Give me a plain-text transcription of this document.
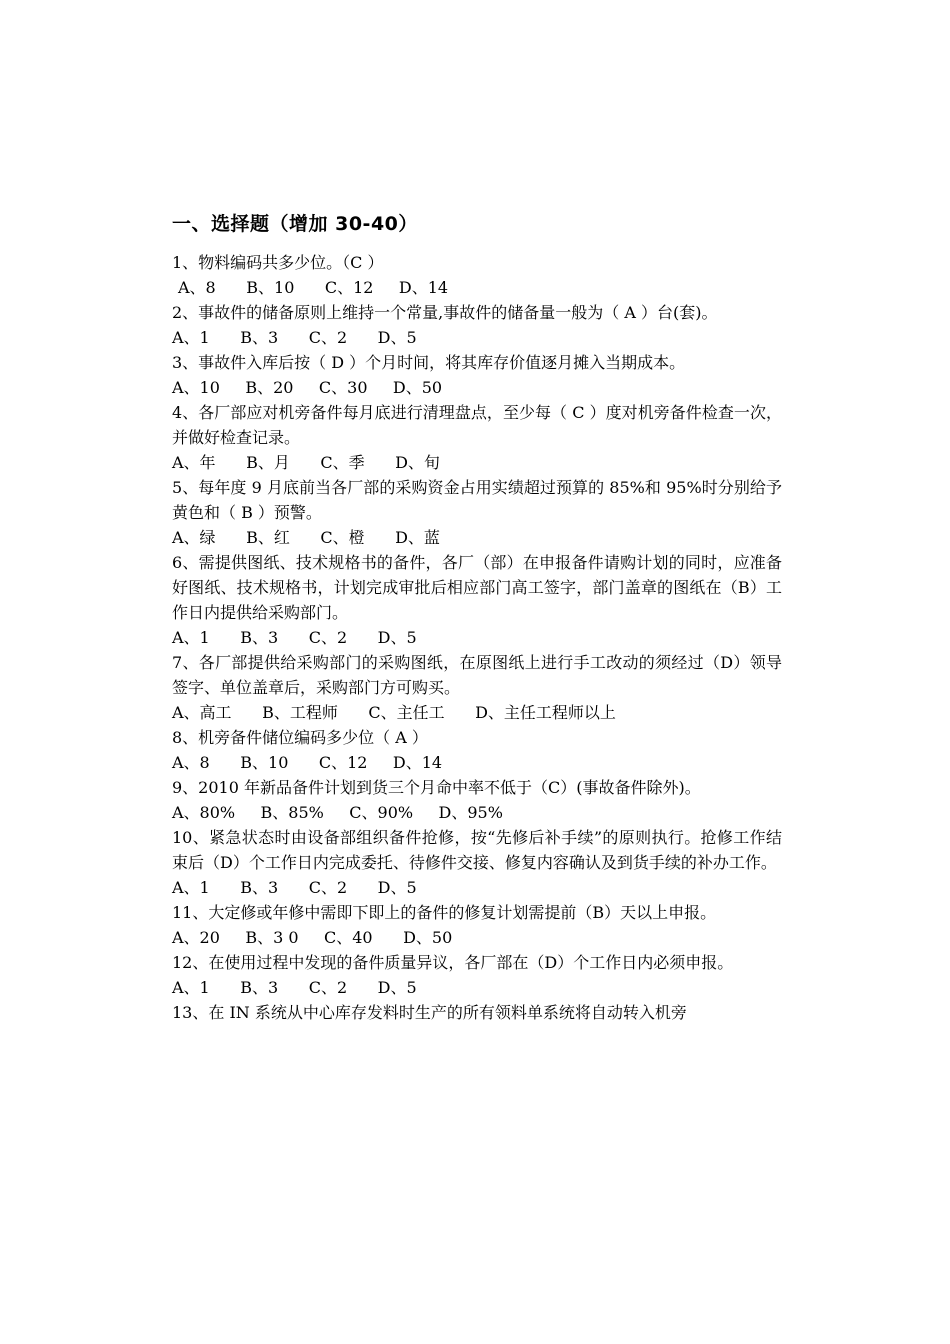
一、选择题（增加 30-40）

1、物料编码共多少位。（C ）

A、8      B、10      C、12     D、14

2、事故件的储备原则上维持一个常量,事故件的储备量一般为（ A ）台(套)。

A、1      B、3      C、2      D、5

3、事故件入库后按（ D ）个月时间，将其库存价值逐月摊入当期成本。

A、10     B、20     C、30     D、50

4、各厂部应对机旁备件每月底进行清理盘点，至少每（ C ）度对机旁备件检查一次，并做好检查记录。

A、年      B、月      C、季      D、旬

5、每年度 9 月底前当各厂部的采购资金占用实绩超过预算的 85%和 95%时分别给予黄色和（ B ）预警。

A、绿      B、红      C、橙      D、蓝

6、需提供图纸、技术规格书的备件，各厂（部）在申报备件请购计划的同时，应准备好图纸、技术规格书，计划完成审批后相应部门高工签字，部门盖章的图纸在（B）工作日内提供给采购部门。

A、1      B、3      C、2      D、5

7、各厂部提供给采购部门的采购图纸，在原图纸上进行手工改动的须经过（D）领导签字、单位盖章后，采购部门方可购买。

A、高工      B、工程师      C、主任工      D、主任工程师以上

8、机旁备件储位编码多少位（ A ）

A、8      B、10      C、12     D、14

9、2010 年新品备件计划到货三个月命中率不低于（C）(事故备件除外)。

A、80%     B、85%     C、90%     D、95%

10、紧急状态时由设备部组织备件抢修，按“先修后补手续”的原则执行。抢修工作结束后（D）个工作日内完成委托、待修件交接、修复内容确认及到货手续的补办工作。

A、1      B、3      C、2      D、5

11、大定修或年修中需即下即上的备件的修复计划需提前（B）天以上申报。

A、20     B、3 0     C、40      D、50

12、在使用过程中发现的备件质量异议，各厂部在（D）个工作日内必须申报。

A、1      B、3      C、2      D、5

13、在 IN 系统从中心库存发料时生产的所有领料单系统将自动转入机旁
